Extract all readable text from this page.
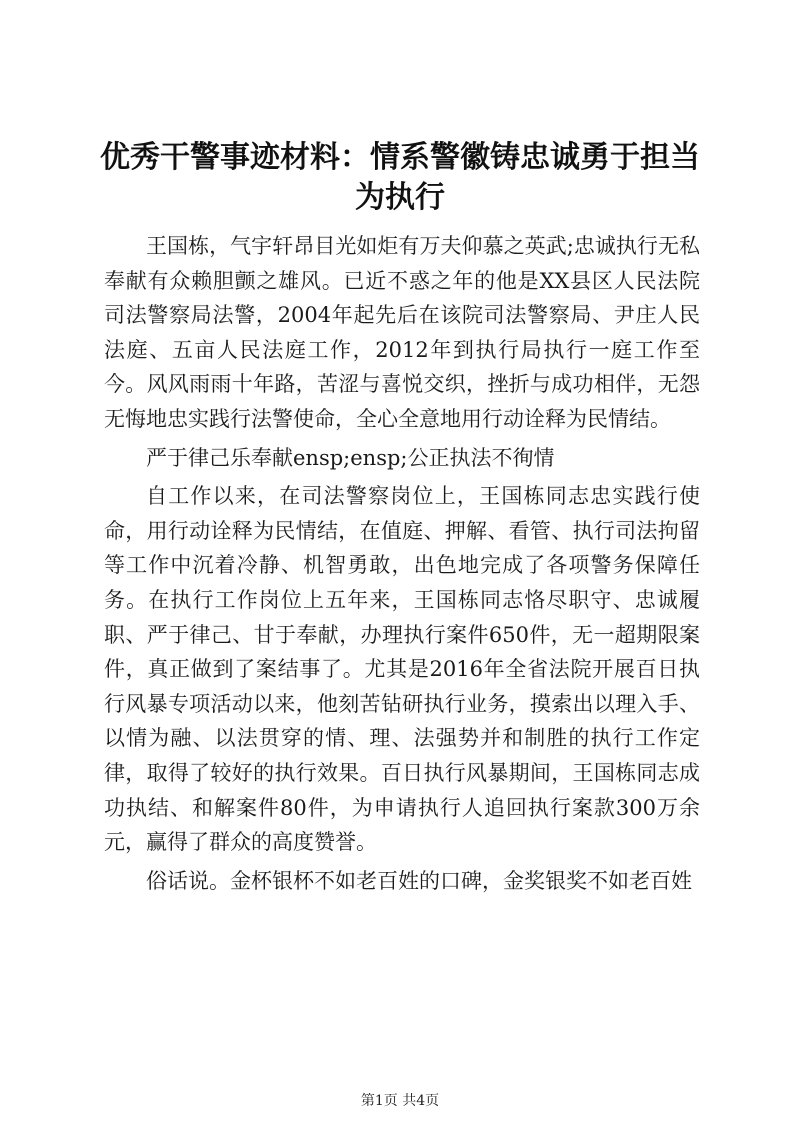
优秀干警事迹材料：情系警徽铸忠诚勇于担当为执行

王国栋，气宇轩昂目光如炬有万夫仰慕之英武;忠诚执行无私奉献有众赖胆颤之雄风。已近不惑之年的他是XX县区人民法院司法警察局法警，2004年起先后在该院司法警察局、尹庄人民法庭、五亩人民法庭工作，2012年到执行局执行一庭工作至今。风风雨雨十年路，苦涩与喜悦交织，挫折与成功相伴，无怨无悔地忠实践行法警使命，全心全意地用行动诠释为民情结。

严于律己乐奉献ensp;ensp;公正执法不徇情

自工作以来，在司法警察岗位上，王国栋同志忠实践行使命，用行动诠释为民情结，在值庭、押解、看管、执行司法拘留等工作中沉着冷静、机智勇敢，出色地完成了各项警务保障任务。在执行工作岗位上五年来，王国栋同志恪尽职守、忠诚履职、严于律己、甘于奉献，办理执行案件650件，无一超期限案件，真正做到了案结事了。尤其是2016年全省法院开展百日执行风暴专项活动以来，他刻苦钻研执行业务，摸索出以理入手、以情为融、以法贯穿的情、理、法强势并和制胜的执行工作定律，取得了较好的执行效果。百日执行风暴期间，王国栋同志成功执结、和解案件80件，为申请执行人追回执行案款300万余元，赢得了群众的高度赞誉。

俗话说。金杯银杯不如老百姓的口碑，金奖银奖不如老百姓

第1页 共4页
